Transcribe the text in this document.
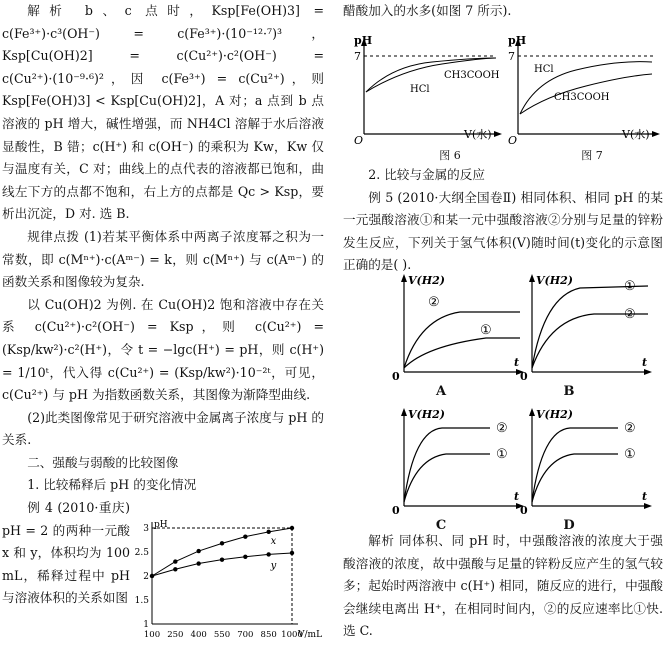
解析 b、c 点时，Ksp[Fe(OH)3] = c(Fe³⁺)·c³(OH⁻) = c(Fe³⁺)·(10⁻¹²·⁷)³，Ksp[Cu(OH)2] = c(Cu²⁺)·c²(OH⁻) = c(Cu²⁺)·(10⁻⁹·⁶)²，因 c(Fe³⁺) = c(Cu²⁺)，则 Ksp[Fe(OH)3] < Ksp[Cu(OH)2]，A 对；a 点到 b 点溶液的 pH 增大，碱性增强，而 NH4Cl 溶解于水后溶液显酸性，B 错；c(H⁺) 和 c(OH⁻) 的乘积为 Kw，Kw 仅与温度有关，C 对；曲线上的点代表的溶液都已饱和，曲线左下方的点都不饱和，右上方的点都是 Qc > Ksp，要析出沉淀，D 对. 选 B.

规律点拨 (1)若某平衡体系中两离子浓度幂之积为一常数，即 c(Mⁿ⁺)·c(Aᵐ⁻) = k，则 c(Mⁿ⁺) 与 c(Aᵐ⁻) 的函数关系和图像较为复杂.

以 Cu(OH)2 为例. 在 Cu(OH)2 饱和溶液中存在关系 c(Cu²⁺)·c²(OH⁻) = Ksp，则 c(Cu²⁺) = (Ksp/kw²)·c²(H⁺)，令 t = −lgc(H⁺) = pH，则 c(H⁺) = 1/10ᵗ，代入得 c(Cu²⁺) = (Ksp/kw²)·10⁻²ᵗ，可见，c(Cu²⁺) 与 pH 为指数函数关系，其图像为渐降型曲线.

(2)此类图像常见于研究溶液中金属离子浓度与 pH 的关系.

二、强酸与弱酸的比较图像

1. 比较稀释后 pH 的变化情况

例 4 (2010·重庆) pH = 2 的两种一元酸 x 和 y，体积均为 100 mL，稀释过程中 pH 与溶液体积的关系如图

pH
V/mL
1
1.5
2
2.5
3
100 250 400 550 700 850 1000
x
y

醋酸加入的水多(如图 7 所示).

pH
7
O	V(水)
CH3COOH
HCl
图 6
pH
7
O	V(水)
HCl
CH3COOH
图 7

2. 比较与金属的反应

例 5 (2010·大纲全国卷Ⅱ) 相同体积、相同 pH 的某一元强酸溶液①和某一元中强酸溶液②分别与足量的锌粉发生反应，下列关于氢气体积(V)随时间(t)变化的示意图正确的是( ).

V(H2)
0
t
②
①
A
V(H2)
0
t
①
②
B
V(H2)
0
t
②
①
C
V(H2)
0
t
①
②
D

解析 同体积、同 pH 时，中强酸溶液的浓度大于强酸溶液的浓度，故中强酸与足量的锌粉反应产生的氢气较多；起始时两溶液中 c(H⁺) 相同，随反应的进行，中强酸会继续电离出 H⁺，在相同时间内，②的反应速率比①快. 选 C.
